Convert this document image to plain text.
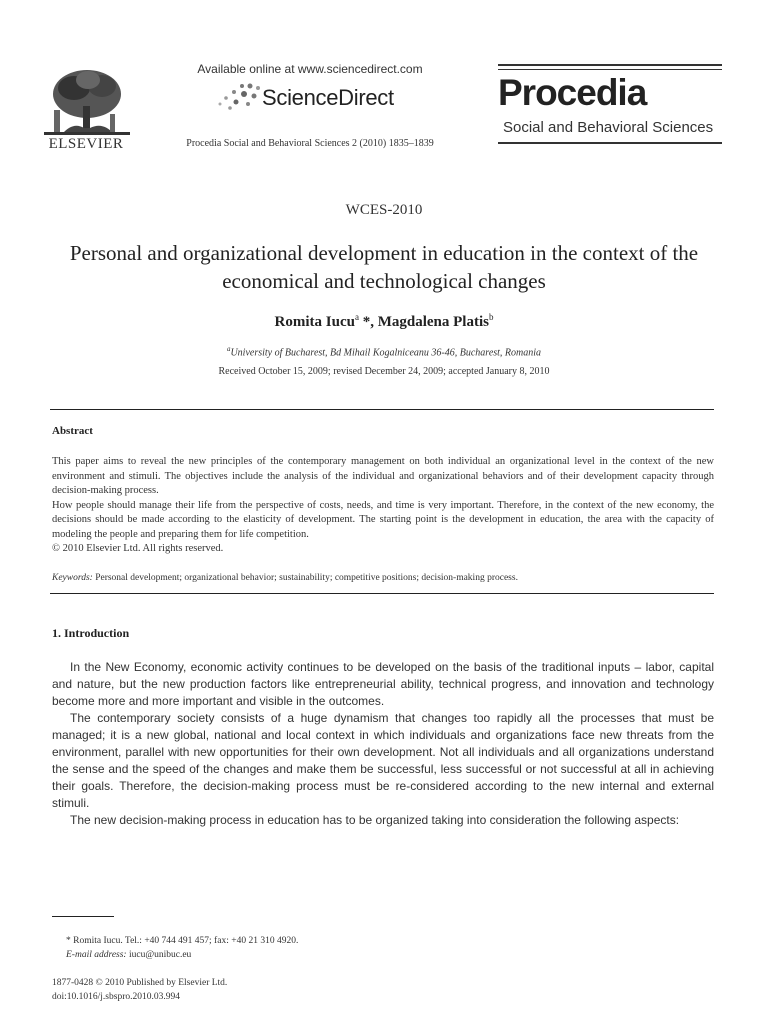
ELSEVIER
Available online at www.sciencedirect.com
ScienceDirect
Procedia Social and Behavioral Sciences 2 (2010) 1835–1839
Procedia
Social and Behavioral Sciences
WCES-2010
Personal and organizational development in education in the context of the economical and technological changes
Romita Iucu$^a$ *, Magdalena Platis$^b$
$^a$University of Bucharest, Bd Mihail Kogalniceanu 36-46, Bucharest, Romania
Received October 15, 2009; revised December 24, 2009; accepted January 8, 2010
Abstract

This paper aims to reveal the new principles of the contemporary management on both individual an organizational level in the context of the new environment and stimuli. The objectives include the analysis of the individual and organizational behaviors and of their development capacity through decision-making process.

How people should manage their life from the perspective of costs, needs, and time is very important. Therefore, in the context of the new economy, the decisions should be made according to the elasticity of development. The starting point is the development in education, the area with the capacity of modeling the people and preparing them for life competition.

© 2010 Elsevier Ltd. All rights reserved.

Keywords: Personal development; organizational behavior; sustainability; competitive positions; decision-making process.
1. Introduction

In the New Economy, economic activity continues to be developed on the basis of the traditional inputs – labor, capital and nature, but the new production factors like entrepreneurial ability, technical progress, and innovation and technology become more and more important and visible in the outcomes.

The contemporary society consists of a huge dynamism that changes too rapidly all the processes that must be managed; it is a new global, national and local context in which individuals and organizations face new threats from the environment, parallel with new opportunities for their own development. Not all individuals and all organizations understand the sense and the speed of the changes and make them be successful, less successful or not successful at all in achieving their goals. Therefore, the decision-making process must be re-considered according to the new internal and external stimuli.

The new decision-making process in education has to be organized taking into consideration the following aspects:

* Romita Iucu. Tel.: +40 744 491 457; fax: +40 21 310 4920.
E-mail address: iucu@unibuc.eu
1877-0428 © 2010 Published by Elsevier Ltd.
doi:10.1016/j.sbspro.2010.03.994
